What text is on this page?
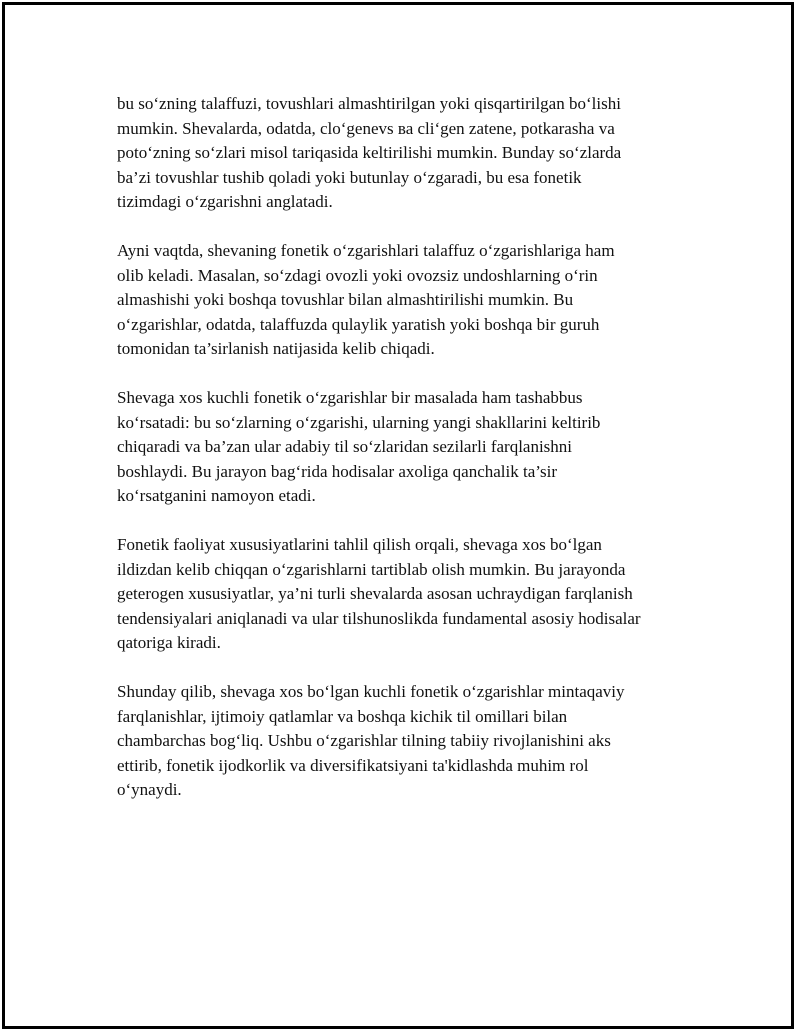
bu so‘zning talaffuzi, tovushlari almashtirilgan yoki qisqartirilgan bo‘lishi
mumkin. Shevalarda, odatda, clo‘genevs ва cli‘gen zatene, potkarasha va
poto‘zning so‘zlari misol tariqasida keltirilishi mumkin. Bunday so‘zlarda
ba’zi tovushlar tushib qoladi yoki butunlay o‘zgaradi, bu esa fonetik
tizimdagi o‘zgarishni anglatadi.

Ayni vaqtda, shevaning fonetik o‘zgarishlari talaffuz o‘zgarishlariga ham
olib keladi. Masalan, so‘zdagi ovozli yoki ovozsiz undoshlarning o‘rin
almashishi yoki boshqa tovushlar bilan almashtirilishi mumkin. Bu
o‘zgarishlar, odatda, talaffuzda qulaylik yaratish yoki boshqa bir guruh
tomonidan ta’sirlanish natijasida kelib chiqadi.

Shevaga xos kuchli fonetik o‘zgarishlar bir masalada ham tashabbus
ko‘rsatadi: bu so‘zlarning o‘zgarishi, ularning yangi shakllarini keltirib
chiqaradi va ba’zan ular adabiy til so‘zlaridan sezilarli farqlanishni
boshlaydi. Bu jarayon bag‘rida hodisalar axoliga qanchalik ta’sir
ko‘rsatganini namoyon etadi.

Fonetik faoliyat xususiyatlarini tahlil qilish orqali, shevaga xos bo‘lgan
ildizdan kelib chiqqan o‘zgarishlarni tartiblab olish mumkin. Bu jarayonda
geterogen xususiyatlar, ya’ni turli shevalarda asosan uchraydigan farqlanish
tendensiyalari aniqlanadi va ular tilshunoslikda fundamental asosiy hodisalar
qatoriga kiradi.

Shunday qilib, shevaga xos bo‘lgan kuchli fonetik o‘zgarishlar mintaqaviy
farqlanishlar, ijtimoiy qatlamlar va boshqa kichik til omillari bilan
chambarchas bog‘liq. Ushbu o‘zgarishlar tilning tabiiy rivojlanishini aks
ettirib, fonetik ijodkorlik va diversifikatsiyani ta'kidlashda muhim rol
o‘ynaydi.
